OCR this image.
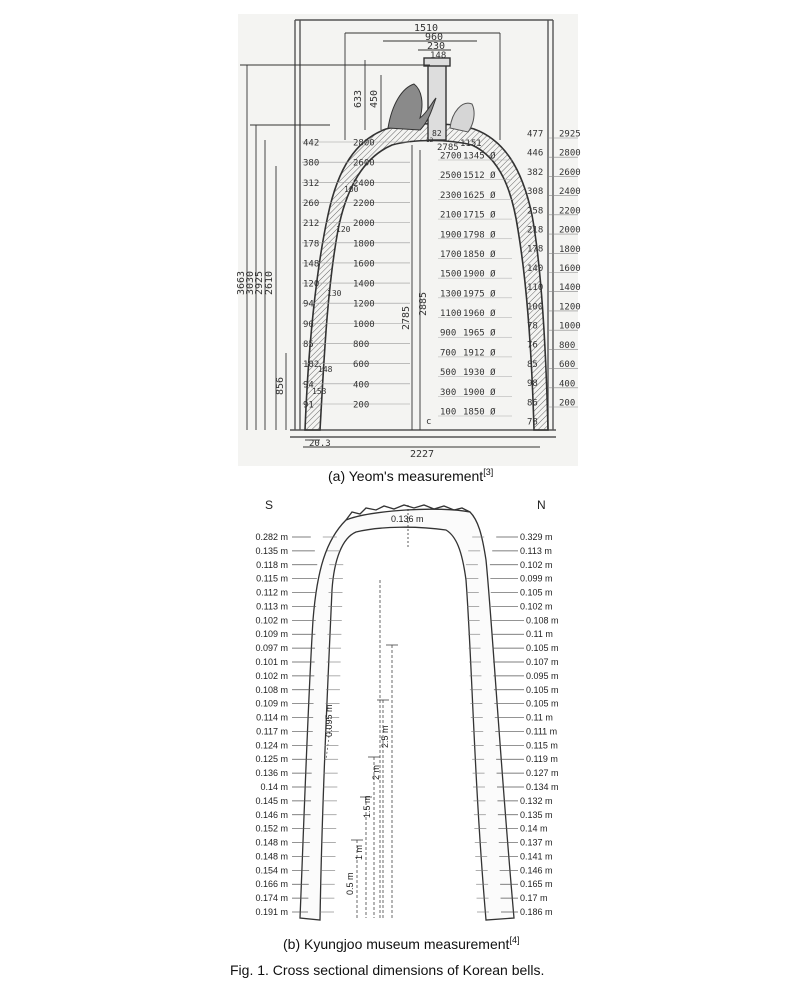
1510
960
230
148
633 450
3663
3030
2925 2610
856
2785
2885
20.3
2227
82
12
c
1151
2785
442
380
312
260
212
178
148
120
94
90
85
102
94
91
100
120
130
148
153
2800
2600
2400
2200
2000
1800
1600
1400
1200
1000
800
600
400
200
2700 1345 Ø
2500 1512 Ø
2300 1625 Ø
2100 1715 Ø
1900 1798 Ø
1700 1850 Ø
1500 1900 Ø
1300 1975 Ø
1100 1960 Ø
900 1965 Ø
700 1912 Ø
500 1930 Ø
300 1900 Ø
100 1850 Ø
477
446
382
308
258
218
178
140
110
100
78
76
85
98
86
78
2925
2800
2600
2400
2200
2000
1800
1600
1400
1200
1000
800
600
400
200
(a) Yeom's measurement[3]
S	N
0.136 m
0.5 m
1 m
1.5 m
2 m
2.5 m
0.095 m
0.282 m
0.135 m
0.118 m
0.115 m
0.112 m
0.113 m
0.102 m
0.109 m
0.097 m
0.101 m
0.102 m
0.108 m
0.109 m
0.114 m
0.117 m
0.124 m
0.125 m
0.136 m
0.14 m
0.145 m
0.146 m
0.152 m
0.148 m
0.148 m
0.154 m
0.166 m
0.174 m
0.191 m
0.329 m
0.113 m
0.102 m
0.099 m
0.105 m
0.102 m
0.108 m
0.11 m
0.105 m
0.107 m
0.095 m
0.105 m
0.105 m
0.11 m
0.111 m
0.115 m
0.119 m
0.127 m
0.134 m
0.132 m
0.135 m
0.14 m
0.137 m
0.141 m
0.146 m
0.165 m
0.17 m
0.186 m
(b) Kyungjoo museum measurement[4]
Fig. 1. Cross sectional dimensions of Korean bells.
